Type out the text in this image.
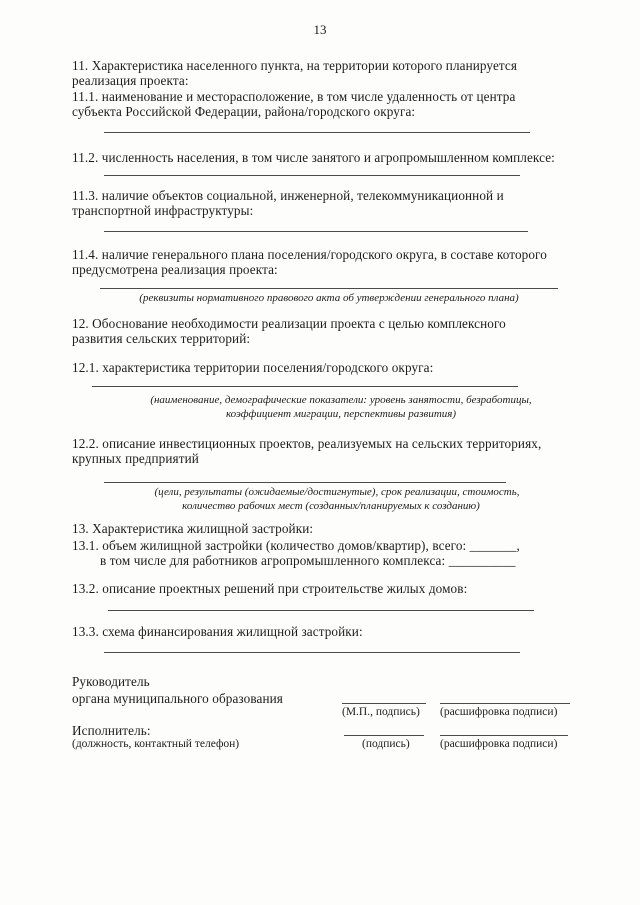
13
11. Характеристика населенного пункта, на территории которого планируется
реализация проекта:
11.1. наименование и месторасположение, в том числе удаленность от центра
субъекта Российской Федерации, района/городского округа:
11.2. численность населения, в том числе занятого и агропромышленном комплексе:
11.3. наличие объектов социальной, инженерной, телекоммуникационной и
транспортной инфраструктуры:
11.4. наличие генерального плана поселения/городского округа, в составе которого
предусмотрена реализация проекта:
(реквизиты нормативного правового акта об утверждении генерального плана)
12. Обоснование необходимости реализации проекта с целью комплексного
развития сельских территорий:
12.1. характеристика территории поселения/городского округа:
(наименование, демографические показатели: уровень занятости, безработицы,
коэффициент миграции, перспективы развития)
12.2. описание инвестиционных проектов, реализуемых на сельских территориях,
крупных предприятий
(цели, результаты (ожидаемые/достигнутые), срок реализации, стоимость,
количество рабочих мест (созданных/планируемых к созданию)
13. Характеристика жилищной застройки:
13.1. объем жилищной застройки (количество домов/квартир), всего: _______,
в том числе для работников агропромышленного комплекса: __________
13.2. описание проектных решений при строительстве жилых домов:
13.3. схема финансирования жилищной застройки:
Руководитель
органа муниципального образования
(М.П., подпись) (расшифровка подписи)
Исполнитель:
(должность, контактный телефон)	(подпись)	(расшифровка подписи)
